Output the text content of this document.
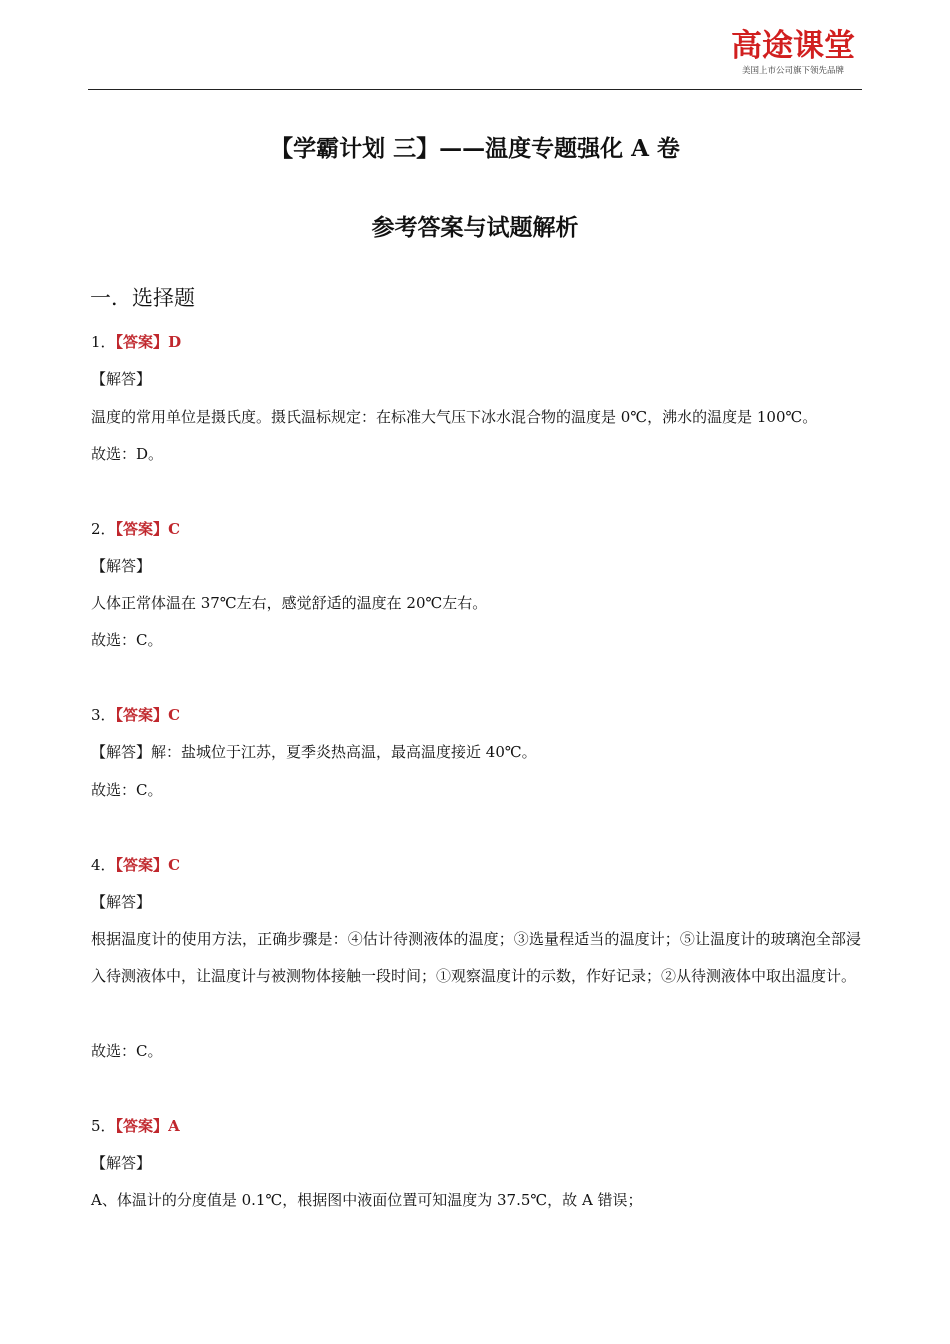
高途课堂
美国上市公司旗下领先品牌
【学霸计划 三】——温度专题强化 A 卷
参考答案与试题解析
一．选择题
1．【答案】D
【解答】
温度的常用单位是摄氏度。摄氏温标规定：在标准大气压下冰水混合物的温度是 0℃，沸水的温度是 100℃。
故选：D。
2．【答案】C
【解答】
人体正常体温在 37℃左右，感觉舒适的温度在 20℃左右。
故选：C。
3．【答案】C
【解答】解：盐城位于江苏，夏季炎热高温，最高温度接近 40℃。
故选：C。
4．【答案】C
【解答】
根据温度计的使用方法，正确步骤是：④估计待测液体的温度；③选量程适当的温度计；⑤让温度计的玻璃泡全部浸入待测液体中，让温度计与被测物体接触一段时间；①观察温度计的示数，作好记录；②从待测液体中取出温度计。
故选：C。
5．【答案】A
【解答】
A、体温计的分度值是 0.1℃，根据图中液面位置可知温度为 37.5℃，故 A 错误；
